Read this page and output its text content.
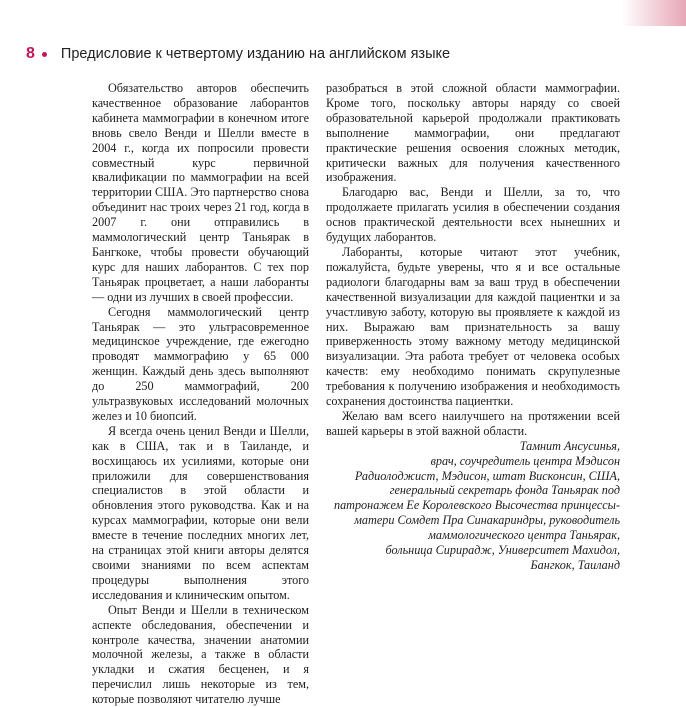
8 Предисловие к четвертому изданию на английском языке

Обязательство авторов обеспечить качественное образование лаборантов кабинета маммографии в конечном итоге вновь свело Венди и Шелли вместе в 2004 г., когда их попросили провести совместный курс первичной квалификации по маммографии на всей территории США. Это партнерство снова объединит нас троих через 21 год, когда в 2007 г. они отправились в маммологический центр Таньярак в Бангкоке, чтобы провести обучающий курс для наших лаборантов. С тех пор Таньярак процветает, а наши лаборанты — одни из лучших в своей профессии.

Сегодня маммологический центр Таньярак — это ультрасовременное медицинское учреждение, где ежегодно проводят маммографию у 65 000 женщин. Каждый день здесь выполняют до 250 маммографий, 200 ультразвуковых исследований молочных желез и 10 биопсий.

Я всегда очень ценил Венди и Шелли, как в США, так и в Таиланде, и восхищаюсь их усилиями, которые они приложили для совершенствования специалистов в этой области и обновления этого руководства. Как и на курсах маммографии, которые они вели вместе в течение последних многих лет, на страницах этой книги авторы делятся своими знаниями по всем аспектам процедуры выполнения этого исследования и клиническим опытом.

Опыт Венди и Шелли в техническом аспекте обследования, обеспечении и контроле качества, значении анатомии молочной железы, а также в области укладки и сжатия бесценен, и я перечислил лишь некоторые из тем, которые позволяют читателю лучше

разобраться в этой сложной области маммографии. Кроме того, поскольку авторы наряду со своей образовательной карьерой продолжали практиковать выполнение маммографии, они предлагают практические решения освоения сложных методик, критически важных для получения качественного изображения.

Благодарю вас, Венди и Шелли, за то, что продолжаете прилагать усилия в обеспечении создания основ практической деятельности всех нынешних и будущих лаборантов.

Лаборанты, которые читают этот учебник, пожалуйста, будьте уверены, что я и все остальные радиологи благодарны вам за ваш труд в обеспечении качественной визуализации для каждой пациентки и за участливую заботу, которую вы проявляете к каждой из них. Выражаю вам признательность за вашу приверженность этому важному методу медицинской визуализации. Эта работа требует от человека особых качеств: ему необходимо понимать скрупулезные требования к получению изображения и необходимость сохранения достоинства пациентки.

Желаю вам всего наилучшего на протяжении всей вашей карьеры в этой важной области.

Тамнит Ансусинья,
врач, соучредитель центра Мэдисон
Радиолоджист, Мэдисон, штат Висконсин, США,
генеральный секретарь фонда Таньярак под патронажем Ее Королевского Высочества принцессы-матери Сомдет Пра Синакариндры, руководитель маммологического центра Таньярак,
больница Сирирадж, Университет Махидол,
Бангкок, Таиланд
